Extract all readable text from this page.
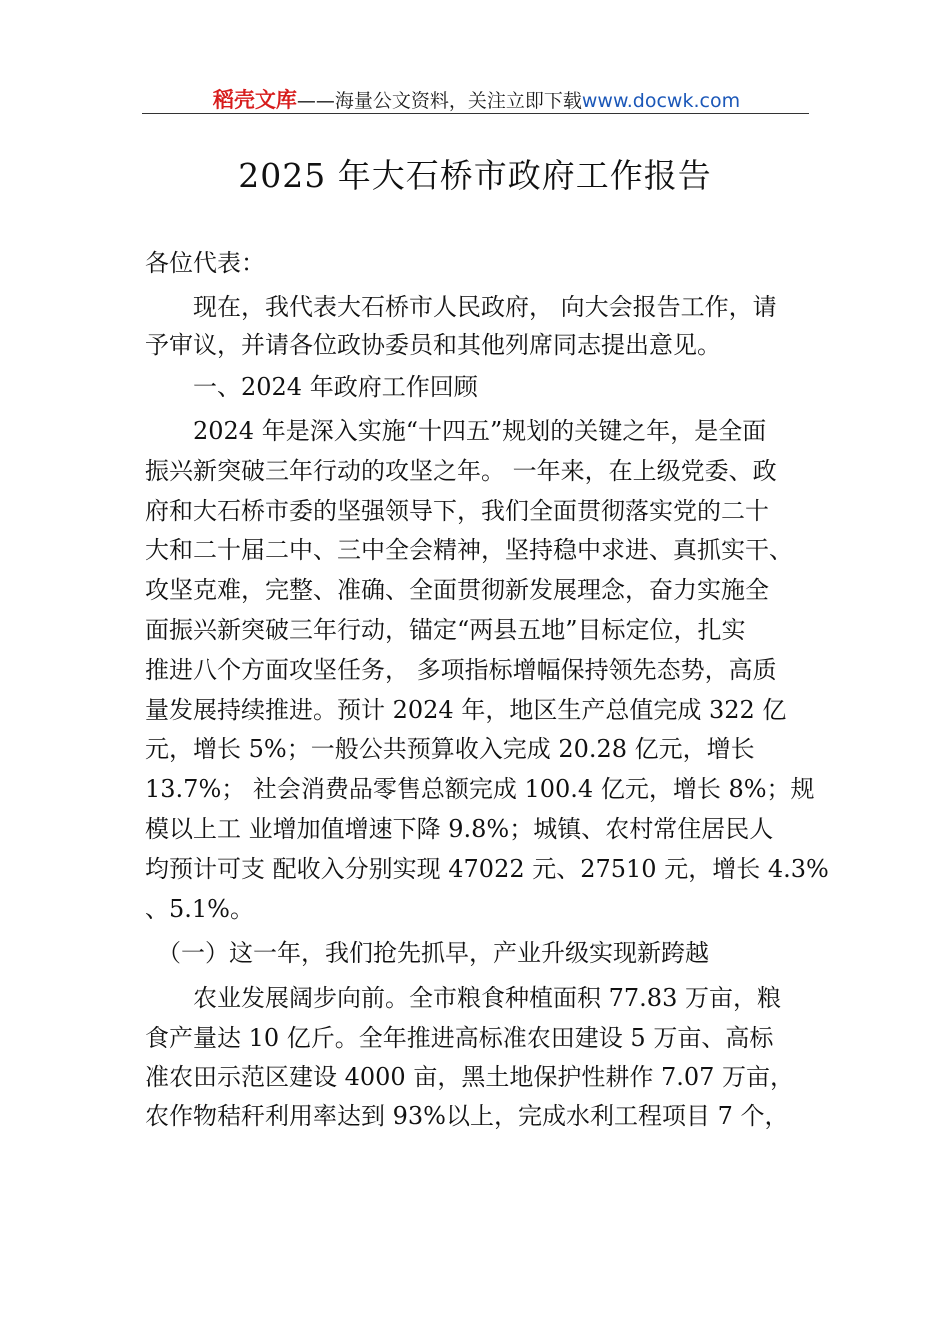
稻壳文库——海量公文资料，关注立即下载www.docwk.com
2025 年大石桥市政府工作报告
各位代表：
　　现在，我代表大石桥市人民政府， 向大会报告工作，请
予审议，并请各位政协委员和其他列席同志提出意见。
　　一、2024 年政府工作回顾
　　2024 年是深入实施“十四五”规划的关键之年，是全面
振兴新突破三年行动的攻坚之年。 一年来，在上级党委、政
府和大石桥市委的坚强领导下，我们全面贯彻落实党的二十
大和二十届二中、三中全会精神，坚持稳中求进、真抓实干、
攻坚克难，完整、准确、全面贯彻新发展理念，奋力实施全
面振兴新突破三年行动，锚定“两县五地”目标定位，扎实
推进八个方面攻坚任务， 多项指标增幅保持领先态势，高质
量发展持续推进。预计 2024 年，地区生产总值完成 322 亿
元，增长 5%；一般公共预算收入完成 20.28 亿元，增长
13.7%； 社会消费品零售总额完成 100.4 亿元，增长 8%；规
模以上工 业增加值增速下降 9.8%；城镇、农村常住居民人
均预计可支 配收入分别实现 47022 元、27510 元，增长 4.3%
、5.1%。
　（一）这一年，我们抢先抓早，产业升级实现新跨越
　　农业发展阔步向前。全市粮食种植面积 77.83 万亩，粮
食产量达 10 亿斤。全年推进高标准农田建设 5 万亩、高标
准农田示范区建设 4000 亩，黑土地保护性耕作 7.07 万亩，
农作物秸秆利用率达到 93%以上，完成水利工程项目 7 个，
